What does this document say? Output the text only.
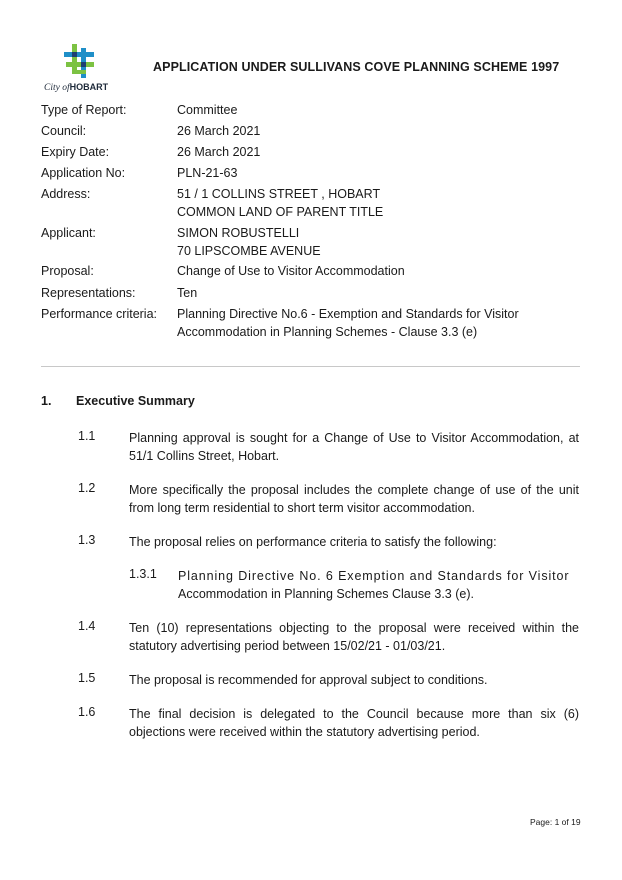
City ofHOBART
APPLICATION UNDER SULLIVANS COVE PLANNING SCHEME 1997
Type of Report:	Committee
Council:	26 March 2021
Expiry Date:	26 March 2021
Application No:	PLN-21-63
Address:	51 / 1 COLLINS STREET , HOBART
COMMON LAND OF PARENT TITLE
Applicant:	SIMON ROBUSTELLI
70 LIPSCOMBE AVENUE
Proposal:	Change of Use to Visitor Accommodation
Representations:	Ten
Performance criteria: Planning Directive No.6 - Exemption and Standards for Visitor
Accommodation in Planning Schemes - Clause 3.3 (e)
1. Executive Summary
1.1	Planning approval is sought for a Change of Use to Visitor Accommodation, at 51/1 Collins Street, Hobart.
1.2	More specifically the proposal includes the complete change of use of the unit from long term residential to short term visitor accommodation.
1.3	The proposal relies on performance criteria to satisfy the following:
1.3.1 Planning Directive No. 6 Exemption and Standards for Visitor
Accommodation in Planning Schemes Clause 3.3 (e).
1.4	Ten (10) representations objecting to the proposal were received within the statutory advertising period between 15/02/21 - 01/03/21.
1.5	The proposal is recommended for approval subject to conditions.
1.6	The final decision is delegated to the Council because more than six (6) objections were received within the statutory advertising period.
Page: 1 of 19
